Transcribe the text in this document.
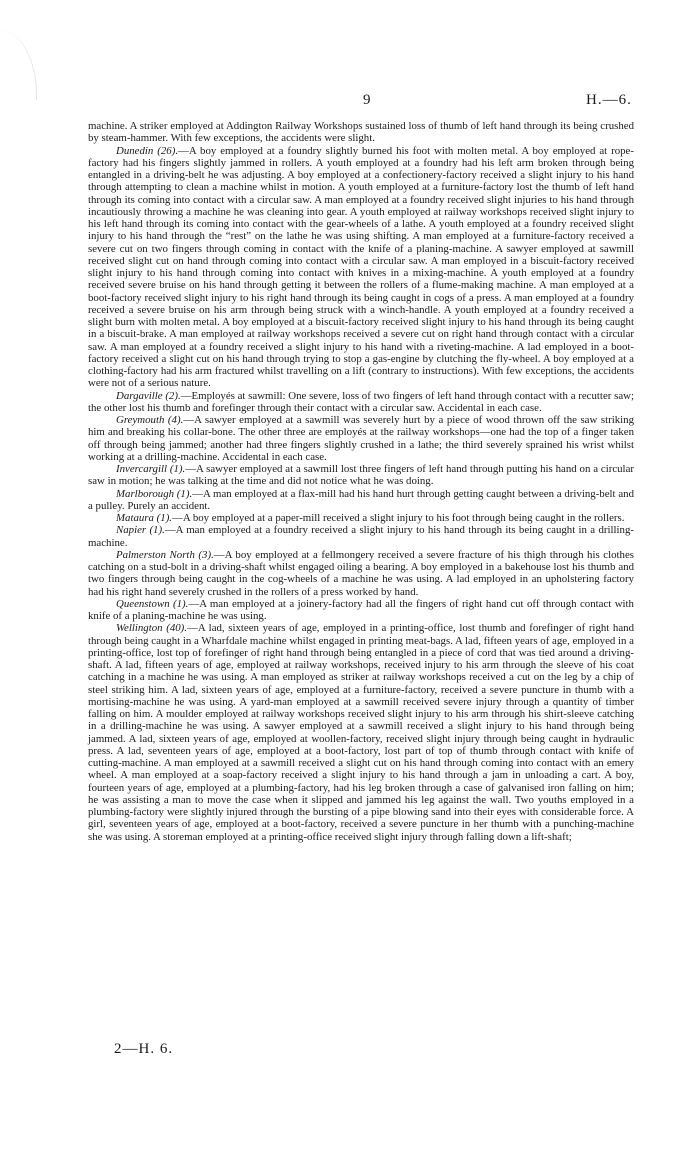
9	H.—6.

machine. A striker employed at Addington Railway Workshops sustained loss of thumb of left hand through its being crushed by steam-hammer. With few exceptions, the accidents were slight.

Dunedin (26).—A boy employed at a foundry slightly burned his foot with molten metal. A boy employed at rope-factory had his fingers slightly jammed in rollers. A youth employed at a foundry had his left arm broken through being entangled in a driving-belt he was adjusting. A boy employed at a confectionery-factory received a slight injury to his hand through attempting to clean a machine whilst in motion. A youth employed at a furniture-factory lost the thumb of left hand through its coming into contact with a circular saw. A man employed at a foundry received slight injuries to his hand through incautiously throwing a machine he was cleaning into gear. A youth employed at railway workshops received slight injury to his left hand through its coming into contact with the gear-wheels of a lathe. A youth employed at a foundry received slight injury to his hand through the “rest” on the lathe he was using shifting. A man employed at a furniture-factory received a severe cut on two fingers through coming in contact with the knife of a planing-machine. A sawyer employed at sawmill received slight cut on hand through coming into contact with a circular saw. A man employed in a biscuit-factory received slight injury to his hand through coming into contact with knives in a mixing-machine. A youth employed at a foundry received severe bruise on his hand through getting it between the rollers of a flume-making machine. A man employed at a boot-factory received slight injury to his right hand through its being caught in cogs of a press. A man employed at a foundry received a severe bruise on his arm through being struck with a winch-handle. A youth employed at a foundry received a slight burn with molten metal. A boy employed at a biscuit-factory received slight injury to his hand through its being caught in a biscuit-brake. A man employed at railway workshops received a severe cut on right hand through contact with a circular saw. A man employed at a foundry received a slight injury to his hand with a riveting-machine. A lad employed in a boot-factory received a slight cut on his hand through trying to stop a gas-engine by clutching the fly-wheel. A boy employed at a clothing-factory had his arm fractured whilst travelling on a lift (contrary to instructions). With few exceptions, the accidents were not of a serious nature.

Dargaville (2).—Employés at sawmill: One severe, loss of two fingers of left hand through contact with a recutter saw; the other lost his thumb and forefinger through their contact with a circular saw. Accidental in each case.

Greymouth (4).—A sawyer employed at a sawmill was severely hurt by a piece of wood thrown off the saw striking him and breaking his collar-bone. The other three are employés at the railway workshops—one had the top of a finger taken off through being jammed; another had three fingers slightly crushed in a lathe; the third severely sprained his wrist whilst working at a drilling-machine. Accidental in each case.

Invercargill (1).—A sawyer employed at a sawmill lost three fingers of left hand through putting his hand on a circular saw in motion; he was talking at the time and did not notice what he was doing.

Marlborough (1).—A man employed at a flax-mill had his hand hurt through getting caught between a driving-belt and a pulley. Purely an accident.

Mataura (1).—A boy employed at a paper-mill received a slight injury to his foot through being caught in the rollers.

Napier (1).—A man employed at a foundry received a slight injury to his hand through its being caught in a drilling-machine.

Palmerston North (3).—A boy employed at a fellmongery received a severe fracture of his thigh through his clothes catching on a stud-bolt in a driving-shaft whilst engaged oiling a bearing. A boy employed in a bakehouse lost his thumb and two fingers through being caught in the cog-wheels of a machine he was using. A lad employed in an upholstering factory had his right hand severely crushed in the rollers of a press worked by hand.

Queenstown (1).—A man employed at a joinery-factory had all the fingers of right hand cut off through contact with knife of a planing-machine he was using.

Wellington (40).—A lad, sixteen years of age, employed in a printing-office, lost thumb and forefinger of right hand through being caught in a Wharfdale machine whilst engaged in printing meat-bags. A lad, fifteen years of age, employed in a printing-office, lost top of forefinger of right hand through being entangled in a piece of cord that was tied around a driving-shaft. A lad, fifteen years of age, employed at railway workshops, received injury to his arm through the sleeve of his coat catching in a machine he was using. A man employed as striker at railway workshops received a cut on the leg by a chip of steel striking him. A lad, sixteen years of age, employed at a furniture-factory, received a severe puncture in thumb with a mortising-machine he was using. A yard-man employed at a sawmill received severe injury through a quantity of timber falling on him. A moulder employed at railway workshops received slight injury to his arm through his shirt-sleeve catching in a drilling-machine he was using. A sawyer employed at a sawmill received a slight injury to his hand through being jammed. A lad, sixteen years of age, employed at woollen-factory, received slight injury through being caught in hydraulic press. A lad, seventeen years of age, employed at a boot-factory, lost part of top of thumb through contact with knife of cutting-machine. A man employed at a sawmill received a slight cut on his hand through coming into contact with an emery wheel. A man employed at a soap-factory received a slight injury to his hand through a jam in unloading a cart. A boy, fourteen years of age, employed at a plumbing-factory, had his leg broken through a case of galvanised iron falling on him; he was assisting a man to move the case when it slipped and jammed his leg against the wall. Two youths employed in a plumbing-factory were slightly injured through the bursting of a pipe blowing sand into their eyes with considerable force. A girl, seventeen years of age, employed at a boot-factory, received a severe puncture in her thumb with a punching-machine she was using. A storeman employed at a printing-office received slight injury through falling down a lift-shaft;

2—H. 6.
